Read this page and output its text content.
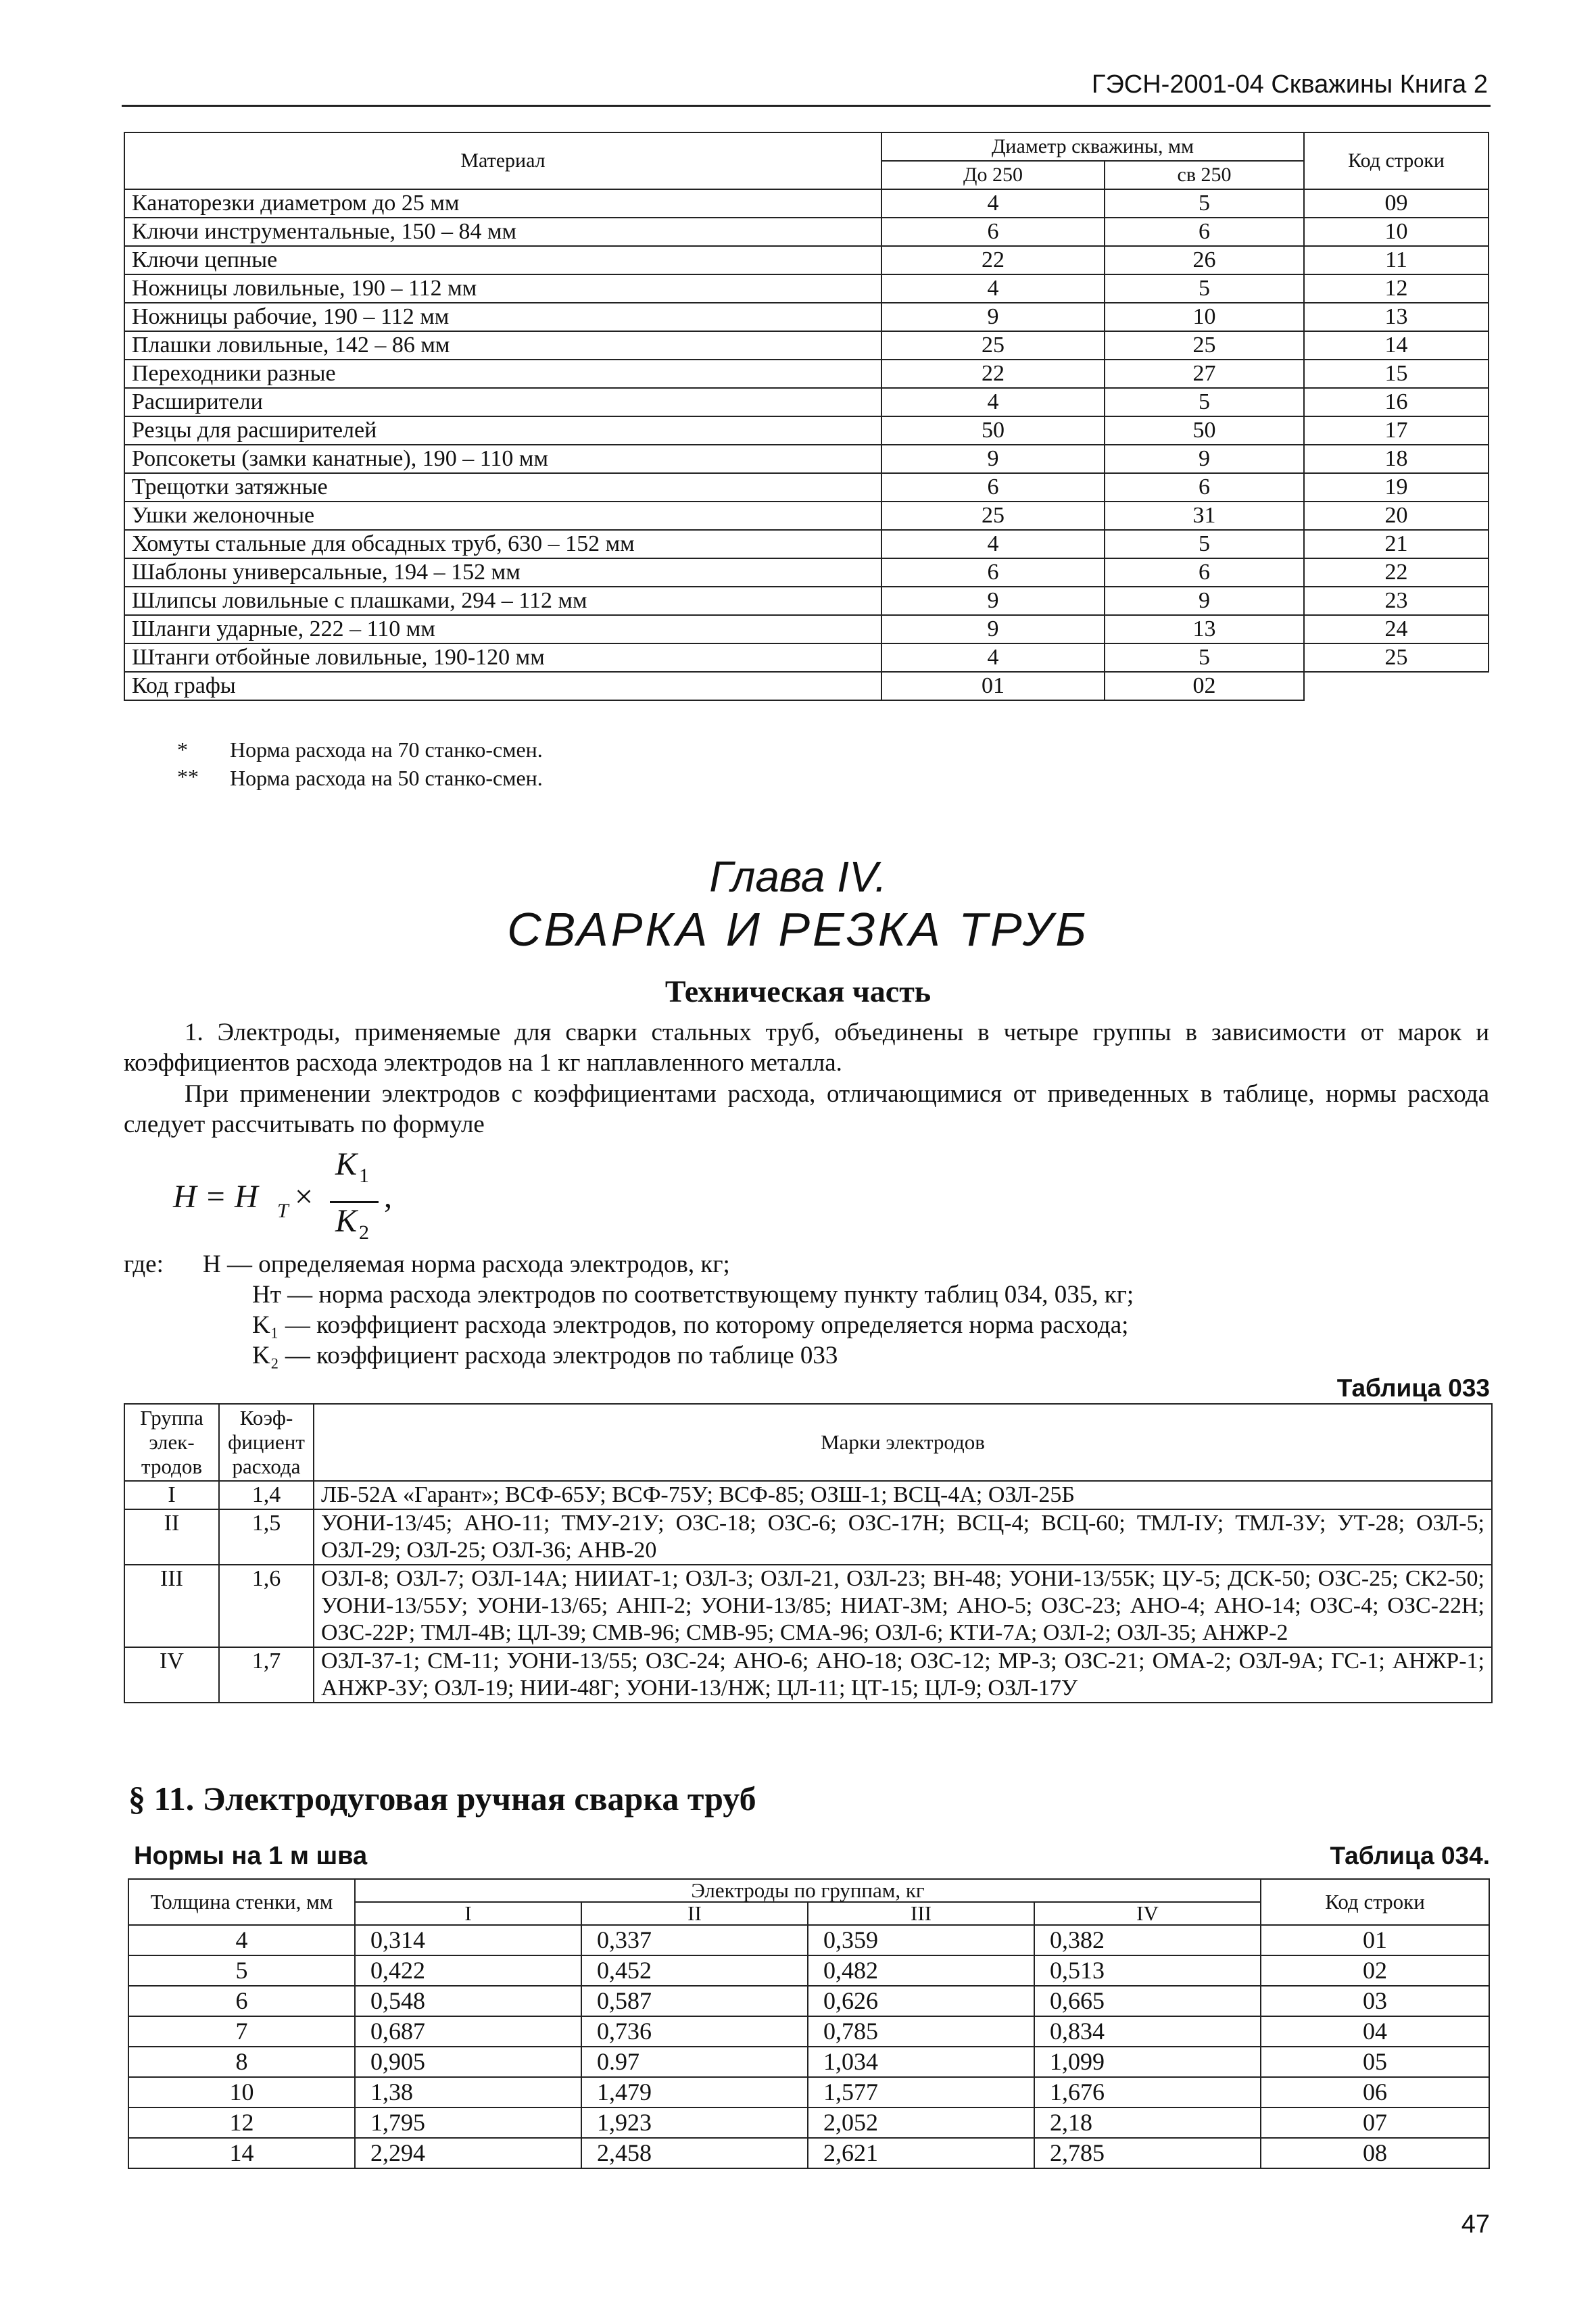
ГЭСН-2001-04 Скважины Книга 2
Материал	Диаметр скважины, мм		Код строки
	До 250	св 250	
Канаторезки диаметром до 25 мм	4	5	09
Ключи инструментальные, 150 – 84 мм	6	6	10
Ключи цепные	22	26	11
Ножницы ловильные, 190 – 112 мм	4	5	12
Ножницы рабочие, 190 – 112 мм	9	10	13
Плашки ловильные, 142 – 86 мм	25	25	14
Переходники разные	22	27	15
Расширители	4	5	16
Резцы для расширителей	50	50	17
Ропсокеты (замки канатные), 190 – 110 мм	9	9	18
Трещотки затяжные	6	6	19
Ушки желоночные	25	31	20
Хомуты стальные для обсадных труб, 630 – 152 мм	4	5	21
Шаблоны универсальные, 194 – 152 мм	6	6	22
Шлипсы ловильные с плашками, 294 – 112 мм	9	9	23
Шланги ударные, 222 – 110 мм	9	13	24
Штанги отбойные ловильные, 190-120 мм	4	5	25
Код графы	01	02	
* Норма расхода на 70 станко-смен.
** Норма расхода на 50 станко-смен.
Глава IV.
СВАРКА И РЕЗКА ТРУБ
Техническая часть
1. Электроды, применяемые для сварки стальных труб, объединены в четыре группы в зависимости от марок и коэффициентов расхода электродов на 1 кг наплавленного металла.
При применении электродов с коэффициентами расхода, отличающимися от приведенных в таблице, нормы расхода следует рассчитывать по формуле
H = H T ×
K 1
K 2
,
где: Н — определяемая норма расхода электродов, кг;
Нт — норма расхода электродов по соответствующему пункту таблиц 034, 035, кг;
K₁ — коэффициент расхода электродов, по которому определяется норма расхода;
K₂ — коэффициент расхода электродов по таблице 033
Таблица 033
Группа элек-тродов	Коэф-фициент расхода	Марки электродов
I	1,4	ЛБ-52А «Гарант»; ВСФ-65У; ВСФ-75У; ВСФ-85; ОЗШ-1; ВСЦ-4А; ОЗЛ-25Б
II	1,5	УОНИ-13/45; АНО-11; ТМУ-21У; ОЗС-18; ОЗС-6; ОЗС-17Н; ВСЦ-4; ВСЦ-60; ТМЛ-IУ; ТМЛ-3У; УТ-28; ОЗЛ-5; ОЗЛ-29; ОЗЛ-25; ОЗЛ-36; АНВ-20
III	1,6	ОЗЛ-8; ОЗЛ-7; ОЗЛ-14А; НИИАТ-1; ОЗЛ-3; ОЗЛ-21, ОЗЛ-23; ВН-48; УОНИ-13/55К; ЦУ-5; ДСК-50; ОЗС-25; СК2-50; УОНИ-13/55У; УОНИ-13/65; АНП-2; УОНИ-13/85; НИАТ-3М; АНО-5; ОЗС-23; АНО-4; АНО-14; ОЗС-4; ОЗС-22Н; ОЗС-22Р; ТМЛ-4В; ЦЛ-39; СМВ-96; СМВ-95; СМА-96; ОЗЛ-6; КТИ-7А; ОЗЛ-2; ОЗЛ-35; АНЖР-2
IV	1,7	ОЗЛ-37-1; СМ-11; УОНИ-13/55; ОЗС-24; АНО-6; АНО-18; ОЗС-12; МР-3; ОЗС-21; ОМА-2; ОЗЛ-9А; ГС-1; АНЖР-1; АНЖР-3У; ОЗЛ-19; НИИ-48Г; УОНИ-13/НЖ; ЦЛ-11; ЦТ-15; ЦЛ-9; ОЗЛ-17У
§ 11. Электродуговая ручная сварка труб
Нормы на 1 м шва	Таблица 034.
Толщина стенки, мм	Электроды по группам, кг				Код строки
	I	II	III	IV	
4	0,314	0,337	0,359	0,382	01
5	0,422	0,452	0,482	0,513	02
6	0,548	0,587	0,626	0,665	03
7	0,687	0,736	0,785	0,834	04
8	0,905	0.97	1,034	1,099	05
10	1,38	1,479	1,577	1,676	06
12	1,795	1,923	2,052	2,18	07
14	2,294	2,458	2,621	2,785	08
47
